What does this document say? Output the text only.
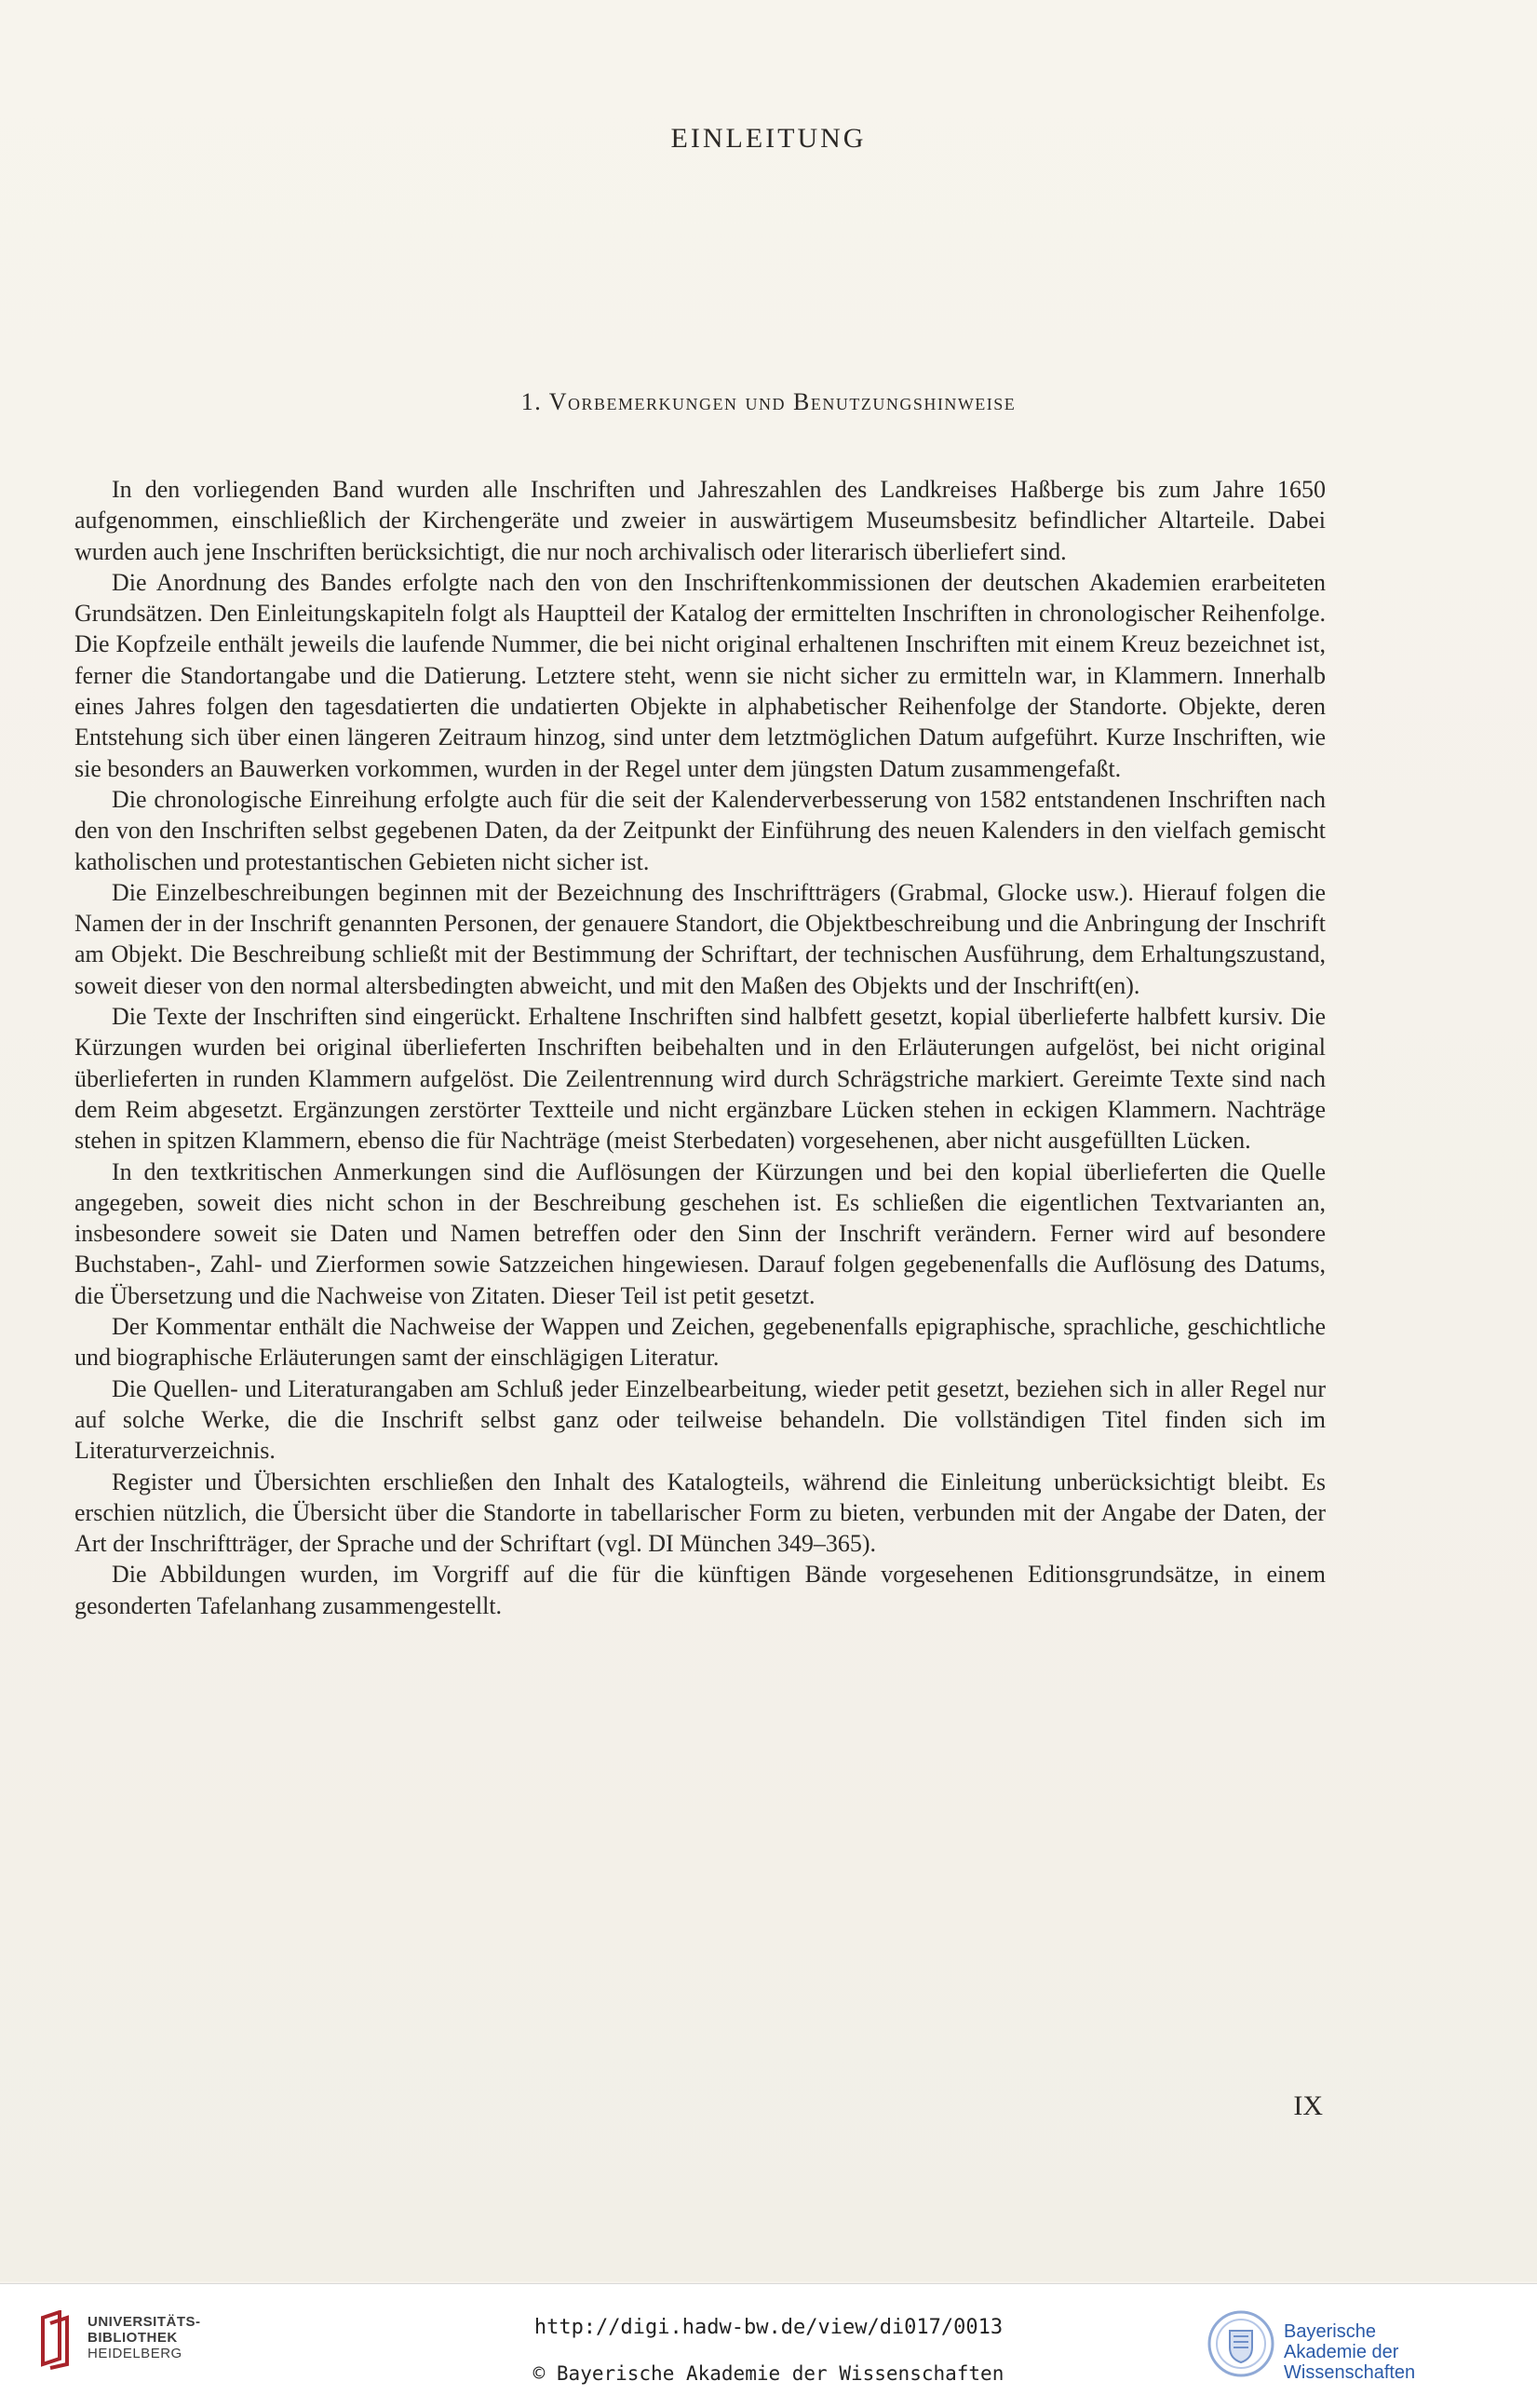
EINLEITUNG
1. Vorbemerkungen und Benutzungshinweise

In den vorliegenden Band wurden alle Inschriften und Jahreszahlen des Landkreises Haßberge bis zum Jahre 1650 aufgenommen, einschließlich der Kirchengeräte und zweier in auswärtigem Museumsbesitz befindlicher Altarteile. Dabei wurden auch jene Inschriften berücksichtigt, die nur noch archivalisch oder literarisch überliefert sind.

Die Anordnung des Bandes erfolgte nach den von den Inschriftenkommissionen der deutschen Akademien erarbeiteten Grundsätzen. Den Einleitungskapiteln folgt als Hauptteil der Katalog der ermittelten Inschriften in chronologischer Reihenfolge. Die Kopfzeile enthält jeweils die laufende Nummer, die bei nicht original erhaltenen Inschriften mit einem Kreuz bezeichnet ist, ferner die Standortangabe und die Datierung. Letztere steht, wenn sie nicht sicher zu ermitteln war, in Klammern. Innerhalb eines Jahres folgen den tagesdatierten die undatierten Objekte in alphabetischer Reihenfolge der Standorte. Objekte, deren Entstehung sich über einen längeren Zeitraum hinzog, sind unter dem letztmöglichen Datum aufgeführt. Kurze Inschriften, wie sie besonders an Bauwerken vorkommen, wurden in der Regel unter dem jüngsten Datum zusammengefaßt.

Die chronologische Einreihung erfolgte auch für die seit der Kalenderverbesserung von 1582 entstandenen Inschriften nach den von den Inschriften selbst gegebenen Daten, da der Zeitpunkt der Einführung des neuen Kalenders in den vielfach gemischt katholischen und protestantischen Gebieten nicht sicher ist.

Die Einzelbeschreibungen beginnen mit der Bezeichnung des Inschriftträgers (Grabmal, Glocke usw.). Hierauf folgen die Namen der in der Inschrift genannten Personen, der genauere Standort, die Objektbeschreibung und die Anbringung der Inschrift am Objekt. Die Beschreibung schließt mit der Bestimmung der Schriftart, der technischen Ausführung, dem Erhaltungszustand, soweit dieser von den normal altersbedingten abweicht, und mit den Maßen des Objekts und der Inschrift(en).

Die Texte der Inschriften sind eingerückt. Erhaltene Inschriften sind halbfett gesetzt, kopial überlieferte halbfett kursiv. Die Kürzungen wurden bei original überlieferten Inschriften beibehalten und in den Erläuterungen aufgelöst, bei nicht original überlieferten in runden Klammern aufgelöst. Die Zeilentrennung wird durch Schrägstriche markiert. Gereimte Texte sind nach dem Reim abgesetzt. Ergänzungen zerstörter Textteile und nicht ergänzbare Lücken stehen in eckigen Klammern. Nachträge stehen in spitzen Klammern, ebenso die für Nachträge (meist Sterbedaten) vorgesehenen, aber nicht ausgefüllten Lücken.

In den textkritischen Anmerkungen sind die Auflösungen der Kürzungen und bei den kopial überlieferten die Quelle angegeben, soweit dies nicht schon in der Beschreibung geschehen ist. Es schließen die eigentlichen Textvarianten an, insbesondere soweit sie Daten und Namen betreffen oder den Sinn der Inschrift verändern. Ferner wird auf besondere Buchstaben-, Zahl- und Zierformen sowie Satzzeichen hingewiesen. Darauf folgen gegebenenfalls die Auflösung des Datums, die Übersetzung und die Nachweise von Zitaten. Dieser Teil ist petit gesetzt.

Der Kommentar enthält die Nachweise der Wappen und Zeichen, gegebenenfalls epigraphische, sprachliche, geschichtliche und biographische Erläuterungen samt der einschlägigen Literatur.

Die Quellen- und Literaturangaben am Schluß jeder Einzelbearbeitung, wieder petit gesetzt, beziehen sich in aller Regel nur auf solche Werke, die die Inschrift selbst ganz oder teilweise behandeln. Die vollständigen Titel finden sich im Literaturverzeichnis.

Register und Übersichten erschließen den Inhalt des Katalogteils, während die Einleitung unberücksichtigt bleibt. Es erschien nützlich, die Übersicht über die Standorte in tabellarischer Form zu bieten, verbunden mit der Angabe der Daten, der Art der Inschriftträger, der Sprache und der Schriftart (vgl. DI München 349–365).

Die Abbildungen wurden, im Vorgriff auf die für die künftigen Bände vorgesehenen Editionsgrundsätze, in einem gesonderten Tafelanhang zusammengestellt.

IX
UNIVERSITÄTS-
BIBLIOTHEK
HEIDELBERG
http://digi.hadw-bw.de/view/di017/0013
© Bayerische Akademie der Wissenschaften
Bayerische
Akademie der Wissenschaften
